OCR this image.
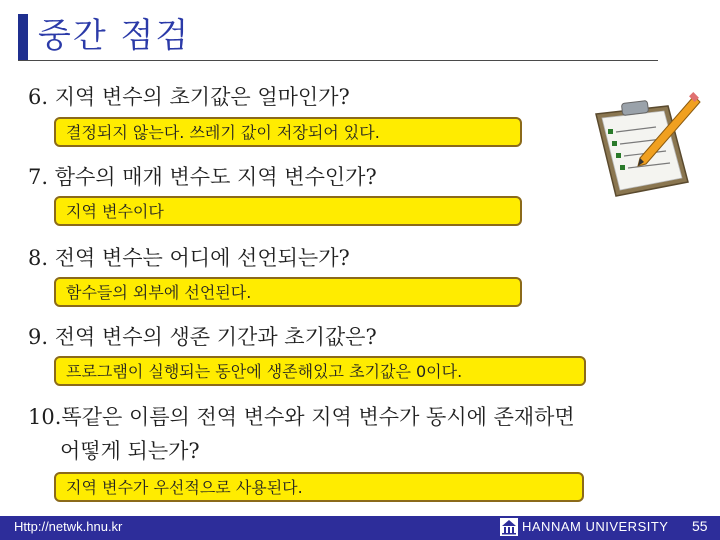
중간 점검
6. 지역 변수의 초기값은 얼마인가?
결정되지 않는다. 쓰레기 값이 저장되어 있다.
7. 함수의 매개 변수도 지역 변수인가?
지역 변수이다
8. 전역 변수는 어디에 선언되는가?
함수들의 외부에 선언된다.
9. 전역 변수의 생존 기간과 초기값은?
프로그램이 실행되는 동안에 생존해있고 초기값은 0이다.
10.똑같은 이름의 전역 변수와 지역 변수가 동시에 존재하면
어떻게 되는가?
지역 변수가 우선적으로 사용된다.
Http://netwk.hnu.kr	HANNAM UNIVERSITY 55
